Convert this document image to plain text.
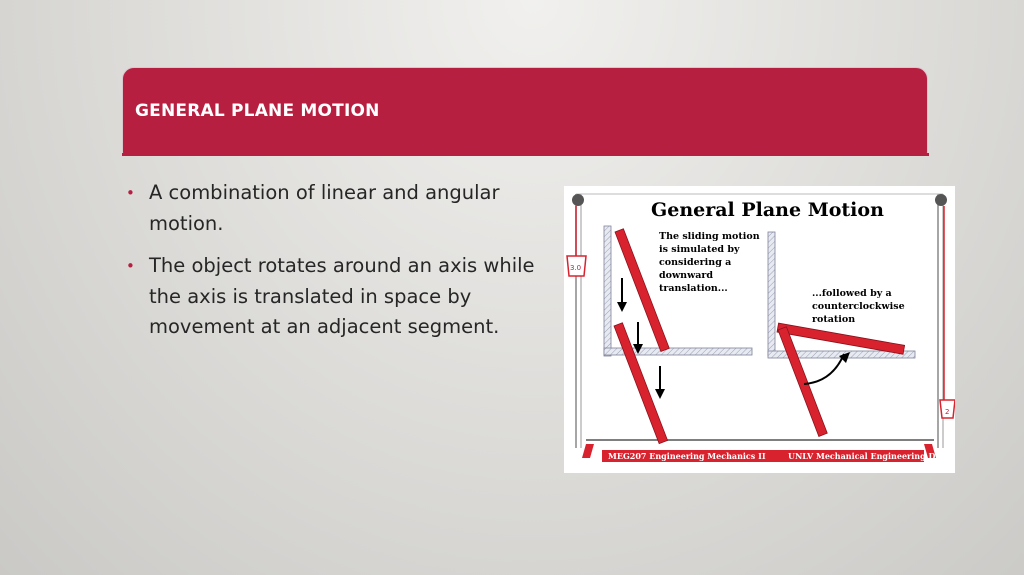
GENERAL PLANE MOTION
• A combination of linear and angular motion.
• The object rotates around an axis while the axis is translated in space by movement at an adjacent segment.
3.0
2
General Plane Motion
The sliding motion is simulated by considering a downward translation...	...followed by a counterclockwise rotation
MEG207 Engineering Mechanics II	UNLV Mechanical Engineering Dept.
